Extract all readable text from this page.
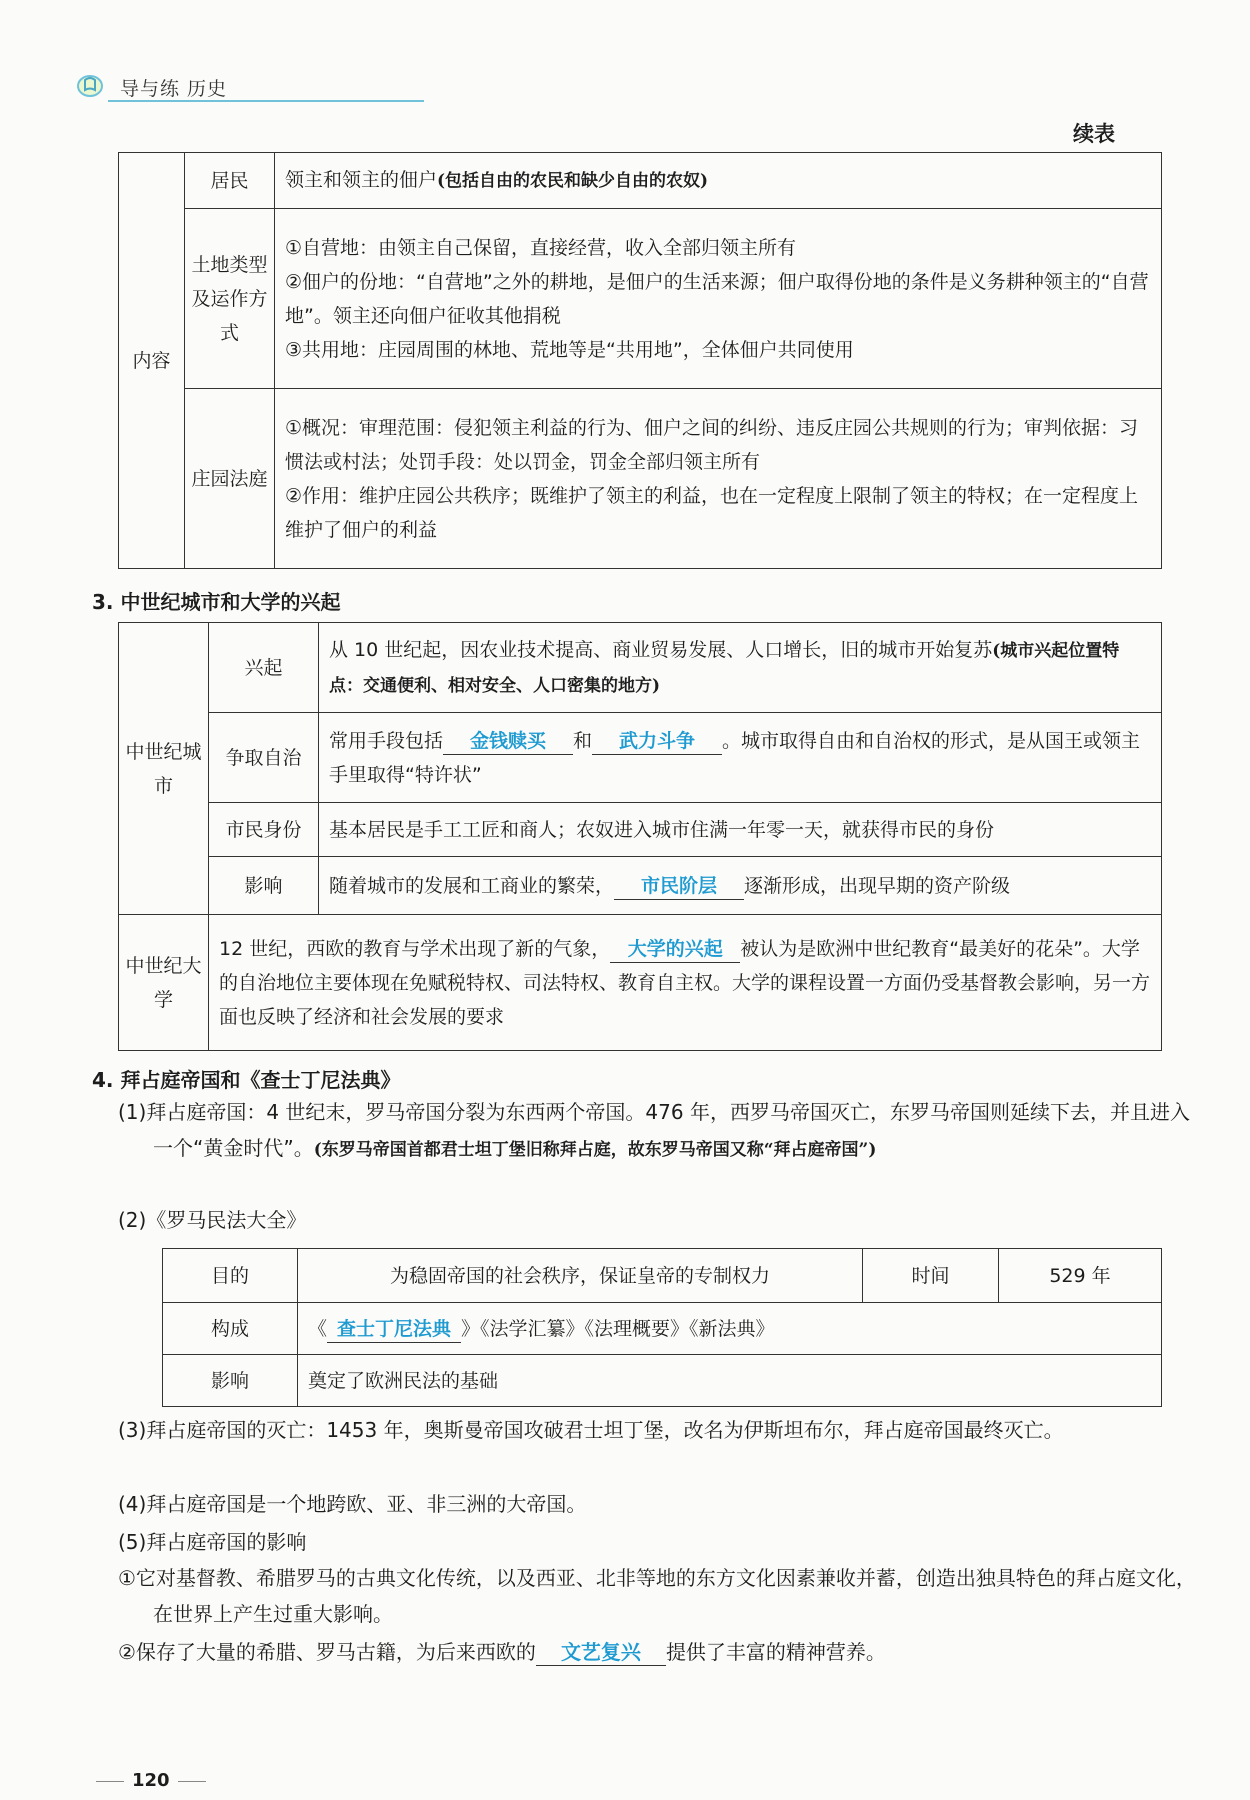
导与练 历史
续表
内容	居民	领主和领主的佃户(包括自由的农民和缺少自由的农奴)
	土地类型及运作方式	①自营地：由领主自己保留，直接经营，收入全部归领主所有
②佃户的份地：“自营地”之外的耕地，是佃户的生活来源；佃户取得份地的条件是义务耕种领主的“自营地”。领主还向佃户征收其他捐税
③共用地：庄园周围的林地、荒地等是“共用地”，全体佃户共同使用
	庄园法庭	①概况：审理范围：侵犯领主利益的行为、佃户之间的纠纷、违反庄园公共规则的行为；审判依据：习惯法或村法；处罚手段：处以罚金，罚金全部归领主所有
②作用：维护庄园公共秩序；既维护了领主的利益，也在一定程度上限制了领主的特权；在一定程度上维护了佃户的利益
3. 中世纪城市和大学的兴起
中世纪城市	兴起	从 10 世纪起，因农业技术提高、商业贸易发展、人口增长，旧的城市开始复苏(城市兴起位置特点：交通便利、相对安全、人口密集的地方)
	争取自治	常用手段包括 金钱赎买 和 武力斗争 。城市取得自由和自治权的形式，是从国王或领主手里取得“特许状”
	市民身份	基本居民是手工工匠和商人；农奴进入城市住满一年零一天，就获得市民的身份
	影响	随着城市的发展和工商业的繁荣， 市民阶层 逐渐形成，出现早期的资产阶级
中世纪大学	12 世纪，西欧的教育与学术出现了新的气象， 大学的兴起 被认为是欧洲中世纪教育“最美好的花朵”。大学的自治地位主要体现在免赋税特权、司法特权、教育自主权。大学的课程设置一方面仍受基督教会影响，另一方面也反映了经济和社会发展的要求	
4. 拜占庭帝国和《查士丁尼法典》
(1)拜占庭帝国：4 世纪末，罗马帝国分裂为东西两个帝国。476 年，西罗马帝国灭亡，东罗马帝国则延续下去，并且进入一个“黄金时代”。(东罗马帝国首都君士坦丁堡旧称拜占庭，故东罗马帝国又称“拜占庭帝国”)
(2)《罗马民法大全》
目的	为稳固帝国的社会秩序，保证皇帝的专制权力	时间	529 年
构成	《 查士丁尼法典 》《法学汇纂》《法理概要》《新法典》		
影响	奠定了欧洲民法的基础		
(3)拜占庭帝国的灭亡：1453 年，奥斯曼帝国攻破君士坦丁堡，改名为伊斯坦布尔，拜占庭帝国最终灭亡。
(4)拜占庭帝国是一个地跨欧、亚、非三洲的大帝国。
(5)拜占庭帝国的影响
①它对基督教、希腊罗马的古典文化传统，以及西亚、北非等地的东方文化因素兼收并蓄，创造出独具特色的拜占庭文化，在世界上产生过重大影响。
②保存了大量的希腊、罗马古籍，为后来西欧的 文艺复兴 提供了丰富的精神营养。
120
